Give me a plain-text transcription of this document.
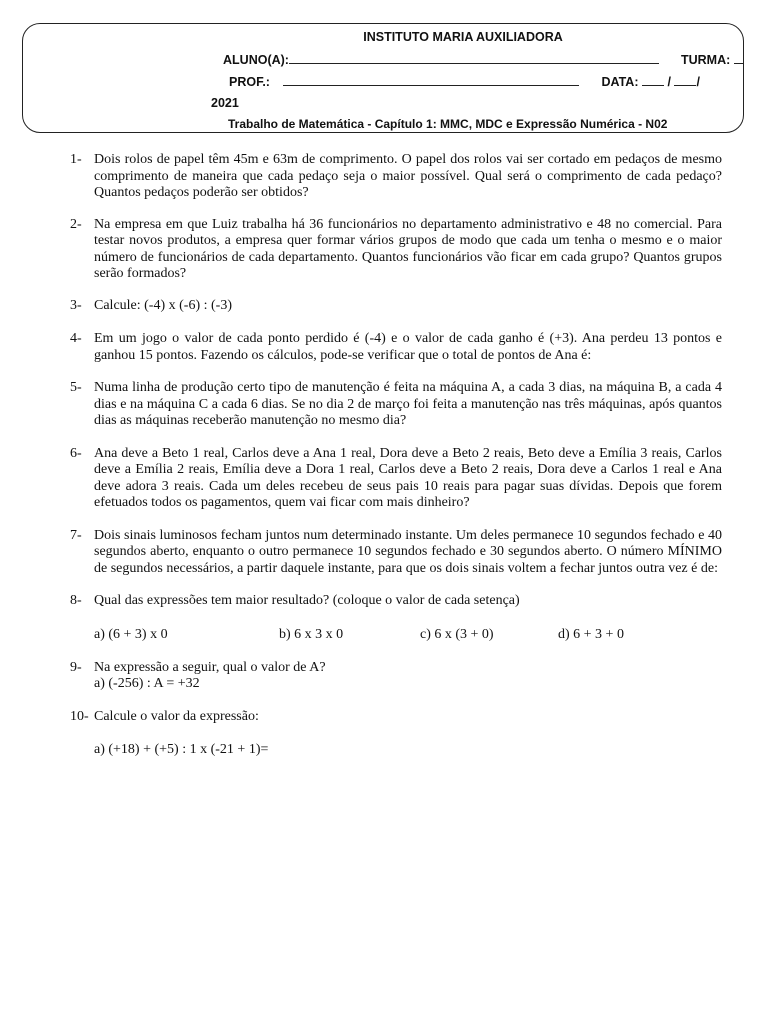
INSTITUTO MARIA AUXILIADORA
ALUNO(A):	TURMA:
PROF.:	DATA: / /
2021
Trabalho de Matemática - Capítulo 1: MMC, MDC e Expressão Numérica - N02
1- Dois rolos de papel têm 45m e 63m de comprimento. O papel dos rolos vai ser cortado em pedaços de mesmo comprimento de maneira que cada pedaço seja o maior possível. Qual será o comprimento de cada pedaço? Quantos pedaços poderão ser obtidos?
2- Na empresa em que Luiz trabalha há 36 funcionários no departamento administrativo e 48 no comercial. Para testar novos produtos, a empresa quer formar vários grupos de modo que cada um tenha o mesmo e o maior número de funcionários de cada departamento. Quantos funcionários vão ficar em cada grupo? Quantos grupos serão formados?
3- Calcule: (-4) x (-6) : (-3)
4- Em um jogo o valor de cada ponto perdido é (-4) e o valor de cada ganho é (+3). Ana perdeu 13 pontos e ganhou 15 pontos. Fazendo os cálculos, pode-se verificar que o total de pontos de Ana é:
5- Numa linha de produção certo tipo de manutenção é feita na máquina A, a cada 3 dias, na máquina B, a cada 4 dias e na máquina C a cada 6 dias. Se no dia 2 de março foi feita a manutenção nas três máquinas, após quantos dias as máquinas receberão manutenção no mesmo dia?
6- Ana deve a Beto 1 real, Carlos deve a Ana 1 real, Dora deve a Beto 2 reais, Beto deve a Emília 3 reais, Carlos deve a Emília 2 reais, Emília deve a Dora 1 real, Carlos deve a Beto 2 reais, Dora deve a Carlos 1 real e Ana deve adora 3 reais. Cada um deles recebeu de seus pais 10 reais para pagar suas dívidas. Depois que forem efetuados todos os pagamentos, quem vai ficar com mais dinheiro?
7- Dois sinais luminosos fecham juntos num determinado instante. Um deles permanece 10 segundos fechado e 40 segundos aberto, enquanto o outro permanece 10 segundos fechado e 30 segundos aberto. O número MÍNIMO de segundos necessários, a partir daquele instante, para que os dois sinais voltem a fechar juntos outra vez é de:
8- Qual das expressões tem maior resultado? (coloque o valor de cada setença)
a) (6 + 3) x 0	b) 6 x 3 x 0	c) 6 x (3 + 0)	d) 6 + 3 + 0
9- Na expressão a seguir, qual o valor de A?
a) (-256) : A = +32
10- Calcule o valor da expressão:
a) (+18) + (+5) : 1 x (-21 + 1)=
